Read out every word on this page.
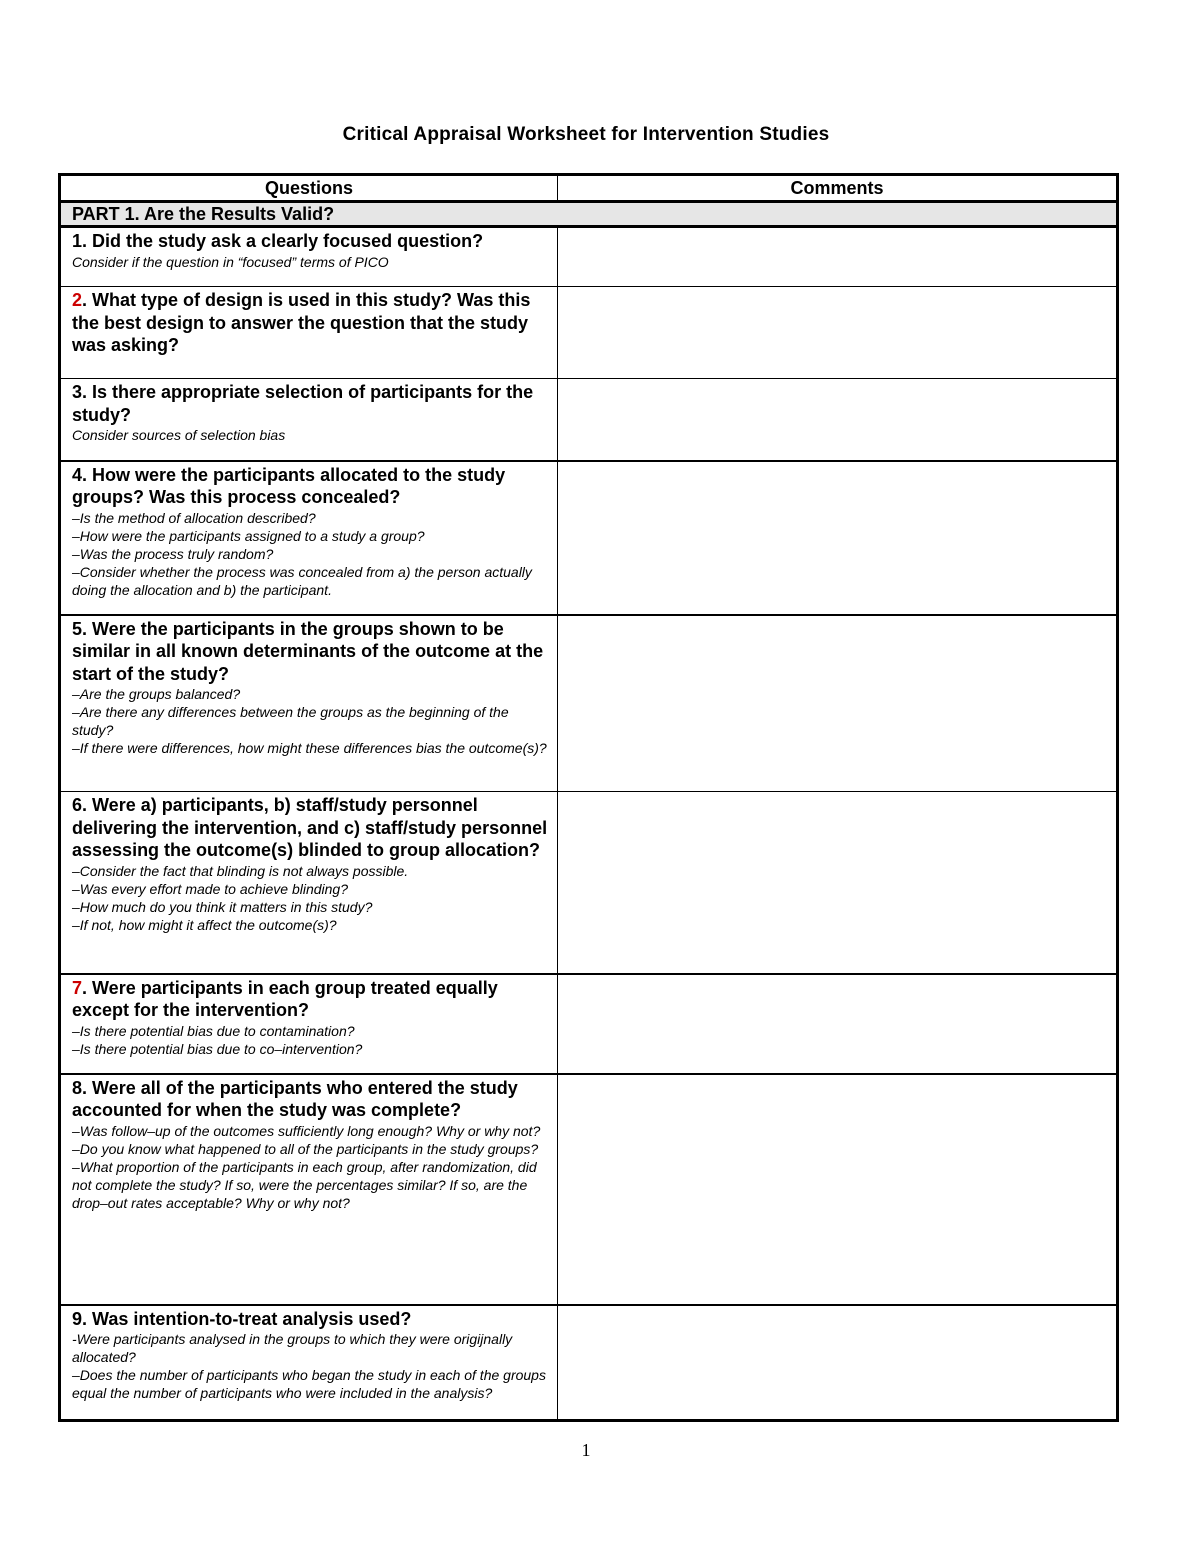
Critical Appraisal Worksheet for Intervention Studies
Questions	Comments
PART 1. Are the Results Valid?	

1. Did the study ask a clearly focused question?
Consider if the question in “focused” terms of PICO	

2. What type of design is used in this study? Was this the best design to answer the question that the study was asking?	

3. Is there appropriate selection of participants for the study?
Consider sources of selection bias	

4. How were the participants allocated to the study groups? Was this process concealed?
–Is the method of allocation described?
–How were the participants assigned to a study a group?
–Was the process truly random?
–Consider whether the process was concealed from a) the person actually doing the allocation and b) the participant.	

5. Were the participants in the groups shown to be similar in all known determinants of the outcome at the start of the study?
–Are the groups balanced?
–Are there any differences between the groups as the beginning of the study?
–If there were differences, how might these differences bias the outcome(s)?	

6. Were a) participants, b) staff/study personnel delivering the intervention, and c) staff/study personnel assessing the outcome(s) blinded to group allocation?
–Consider the fact that blinding is not always possible.
–Was every effort made to achieve blinding?
–How much do you think it matters in this study?
–If not, how might it affect the outcome(s)?	

7. Were participants in each group treated equally except for the intervention?
–Is there potential bias due to contamination?
–Is there potential bias due to co–intervention?	

8. Were all of the participants who entered the study accounted for when the study was complete?
–Was follow–up of the outcomes sufficiently long enough? Why or why not?
–Do you know what happened to all of the participants in the study groups?
–What proportion of the participants in each group, after randomization, did not complete the study? If so, were the percentages similar? If so, are the drop–out rates acceptable? Why or why not?	

9. Was intention-to-treat analysis used?
-Were participants analysed in the groups to which they were origijnally allocated?
–Does the number of participants who began the study in each of the groups equal the number of participants who were included in the analysis?	

1
